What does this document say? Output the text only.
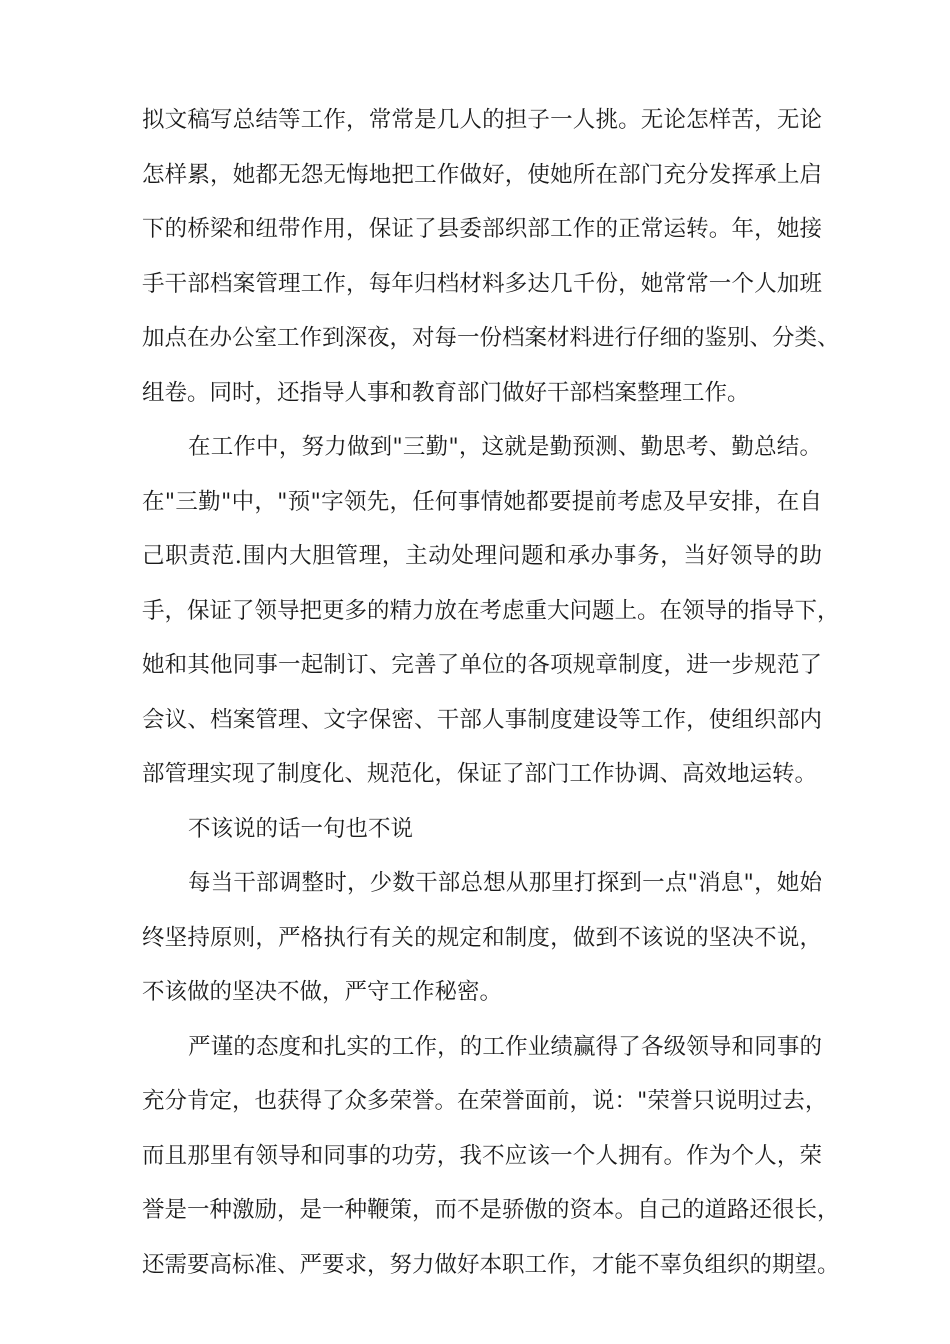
拟文稿写总结等工作，常常是几人的担子一人挑。无论怎样苦，无论
怎样累，她都无怨无悔地把工作做好，使她所在部门充分发挥承上启
下的桥梁和纽带作用，保证了县委部织部工作的正常运转。年，她接
手干部档案管理工作，每年归档材料多达几千份，她常常一个人加班
加点在办公室工作到深夜，对每一份档案材料进行仔细的鉴别、分类、
组卷。同时，还指导人事和教育部门做好干部档案整理工作。
在工作中，努力做到"三勤"，这就是勤预测、勤思考、勤总结。
在"三勤"中，"预"字领先，任何事情她都要提前考虑及早安排，在自
己职责范.围内大胆管理，主动处理问题和承办事务，当好领导的助
手，保证了领导把更多的精力放在考虑重大问题上。在领导的指导下，
她和其他同事一起制订、完善了单位的各项规章制度，进一步规范了
会议、档案管理、文字保密、干部人事制度建设等工作，使组织部内
部管理实现了制度化、规范化，保证了部门工作协调、高效地运转。
不该说的话一句也不说
每当干部调整时，少数干部总想从那里打探到一点"消息"，她始
终坚持原则，严格执行有关的规定和制度，做到不该说的坚决不说，
不该做的坚决不做，严守工作秘密。
严谨的态度和扎实的工作，的工作业绩赢得了各级领导和同事的
充分肯定，也获得了众多荣誉。在荣誉面前，说："荣誉只说明过去，
而且那里有领导和同事的功劳，我不应该一个人拥有。作为个人，荣
誉是一种激励，是一种鞭策，而不是骄傲的资本。自己的道路还很长，
还需要高标准、严要求，努力做好本职工作，才能不辜负组织的期望。
